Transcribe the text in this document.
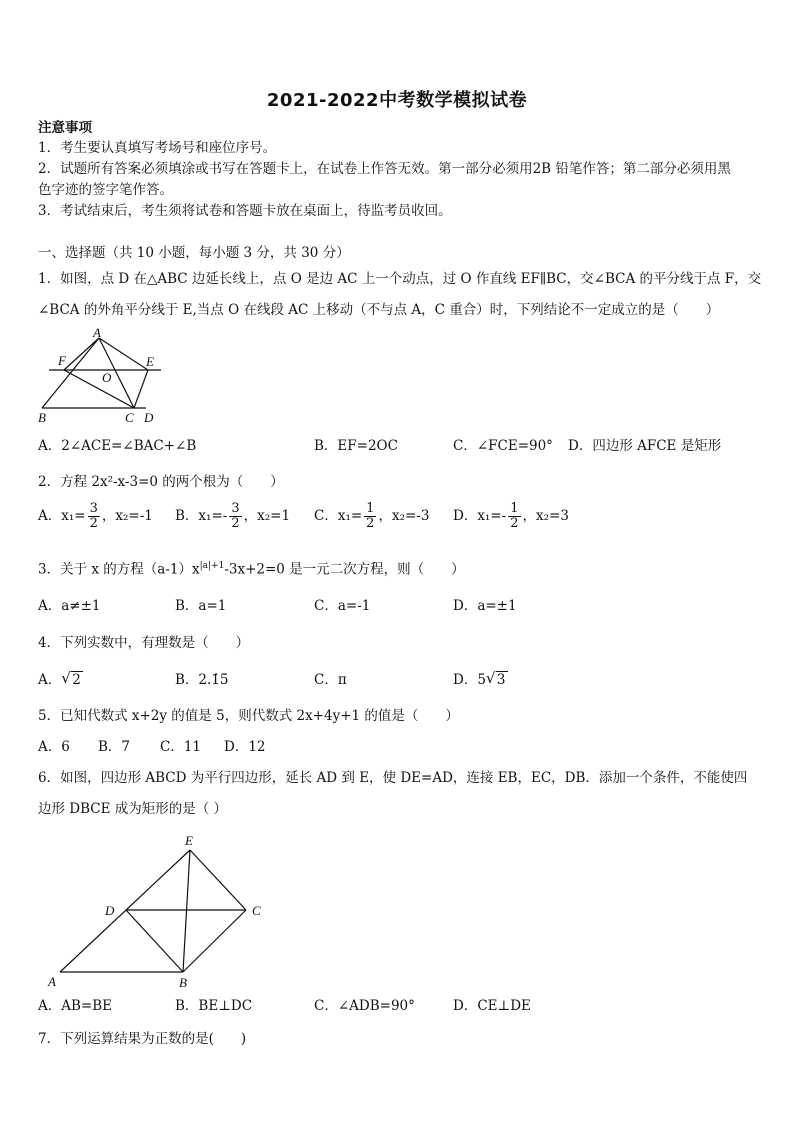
2021-2022中考数学模拟试卷
注意事项
1．考生要认真填写考场号和座位序号。
2．试题所有答案必须填涂或书写在答题卡上，在试卷上作答无效。第一部分必须用2B 铅笔作答；第二部分必须用黑
色字迹的签字笔作答。
3．考试结束后，考生须将试卷和答题卡放在桌面上，待监考员收回。
一、选择题（共 10 小题，每小题 3 分，共 30 分）
1．如图，点 D 在△ABC 边延长线上，点 O 是边 AC 上一个动点，过 O 作直线 EF∥BC，交∠BCA 的平分线于点 F，交
∠BCA 的外角平分线于 E,当点 O 在线段 AC 上移动（不与点 A，C 重合）时，下列结论不一定成立的是（　　）
A
F	E
O
B	C D
A．2∠ACE=∠BAC+∠B	B．EF=2OC	C．∠FCE=90° D．四边形 AFCE 是矩形
2．方程 2x²-x-3=0 的两个根为（　　）
A．$x_1= \frac{3}{2}$ ，x₂=-1 B．$x_1=- \frac{3}{2}$ ，x₂=1 C．$x_1= \frac{1}{2}$ ，x₂=-3 D．$x_1=- \frac{1}{2}$ ，x₂=3
3．关于 x 的方程$(a-1)x^{|a|+1}-3x+2=0$ 是一元二次方程，则（　　）
A．a≠±1	B．a=1	C．a=-1	D．a=±1
4．下列实数中，有理数是（　　）
A． √ 2	B．2.1̇5̇	C．π	D．5 √ 3
5．已知代数式 x+2y 的值是 5，则代数式 2x+4y+1 的值是（　　）
A．6 B．7 C．11 D．12
6．如图，四边形 ABCD 为平行四边形，延长 AD 到 E，使 DE=AD，连接 EB，EC，DB．添加一个条件，不能使四
边形 DBCE 成为矩形的是（ ）
E
D	C
A	B
A．AB=BE	B．BE⊥DC	C．∠ADB=90°	D．CE⊥DE
7．下列运算结果为正数的是(　　)
